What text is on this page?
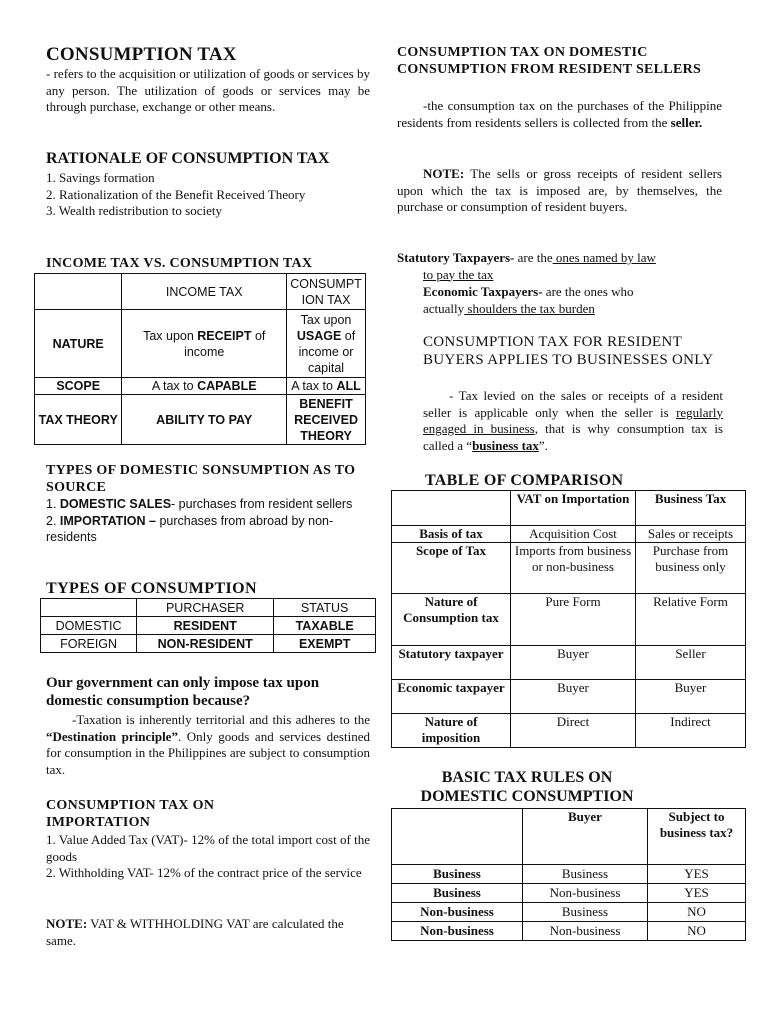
CONSUMPTION TAX
- refers to the acquisition or utilization of goods or services by any person. The utilization of goods or services may be through purchase, exchange or other means.
RATIONALE OF CONSUMPTION TAX
1. Savings formation
2. Rationalization of the Benefit Received Theory
3. Wealth redistribution to society
INCOME TAX VS. CONSUMPTION TAX
	INCOME TAX	CONSUMPT ION TAX
NATURE	Tax upon RECEIPT of income	Tax upon USAGE of income or capital
SCOPE	A tax to CAPABLE	A tax to ALL
TAX THEORY	ABILITY TO PAY	BENEFIT RECEIVED THEORY
TYPES OF DOMESTIC SONSUMPTION AS TO SOURCE
1. DOMESTIC SALES- purchases from resident sellers
2. IMPORTATION – purchases from abroad by non-residents
TYPES OF CONSUMPTION
	PURCHASER	STATUS
DOMESTIC	RESIDENT	TAXABLE
FOREIGN	NON-RESIDENT	EXEMPT
Our government can only impose tax upon domestic consumption because?
-Taxation is inherently territorial and this adheres to the “Destination principle”. Only goods and services destined for consumption in the Philippines are subject to consumption tax.
CONSUMPTION TAX ON IMPORTATION
1. Value Added Tax (VAT)- 12% of the total import cost of the goods
2. Withholding VAT- 12% of the contract price of the service
NOTE: VAT & WITHHOLDING VAT are calculated the same.
CONSUMPTION TAX ON DOMESTIC CONSUMPTION FROM RESIDENT SELLERS
-the consumption tax on the purchases of the Philippine residents from residents sellers is collected from the seller.
NOTE: The sells or gross receipts of resident sellers upon which the tax is imposed are, by themselves, the purchase or consumption of resident buyers.
Statutory Taxpayers- are the ones named by law
to pay the tax
Economic Taxpayers- are the ones who
actually shoulders the tax burden
CONSUMPTION TAX FOR RESIDENT BUYERS APPLIES TO BUSINESSES ONLY
- Tax levied on the sales or receipts of a resident seller is applicable only when the seller is regularly engaged in business, that is why consumption tax is called a “business tax”.
TABLE OF COMPARISON
	VAT on Importation	Business Tax
Basis of tax	Acquisition Cost	Sales or receipts
Scope of Tax	Imports from business or non-business	Purchase from business only
Nature of Consumption tax	Pure Form	Relative Form
Statutory taxpayer	Buyer	Seller
Economic taxpayer	Buyer	Buyer
Nature of imposition	Direct	Indirect
BASIC TAX RULES ON DOMESTIC CONSUMPTION
	Buyer	Subject to business tax?
Business	Business	YES
Business	Non-business	YES
Non-business	Business	NO
Non-business	Non-business	NO
